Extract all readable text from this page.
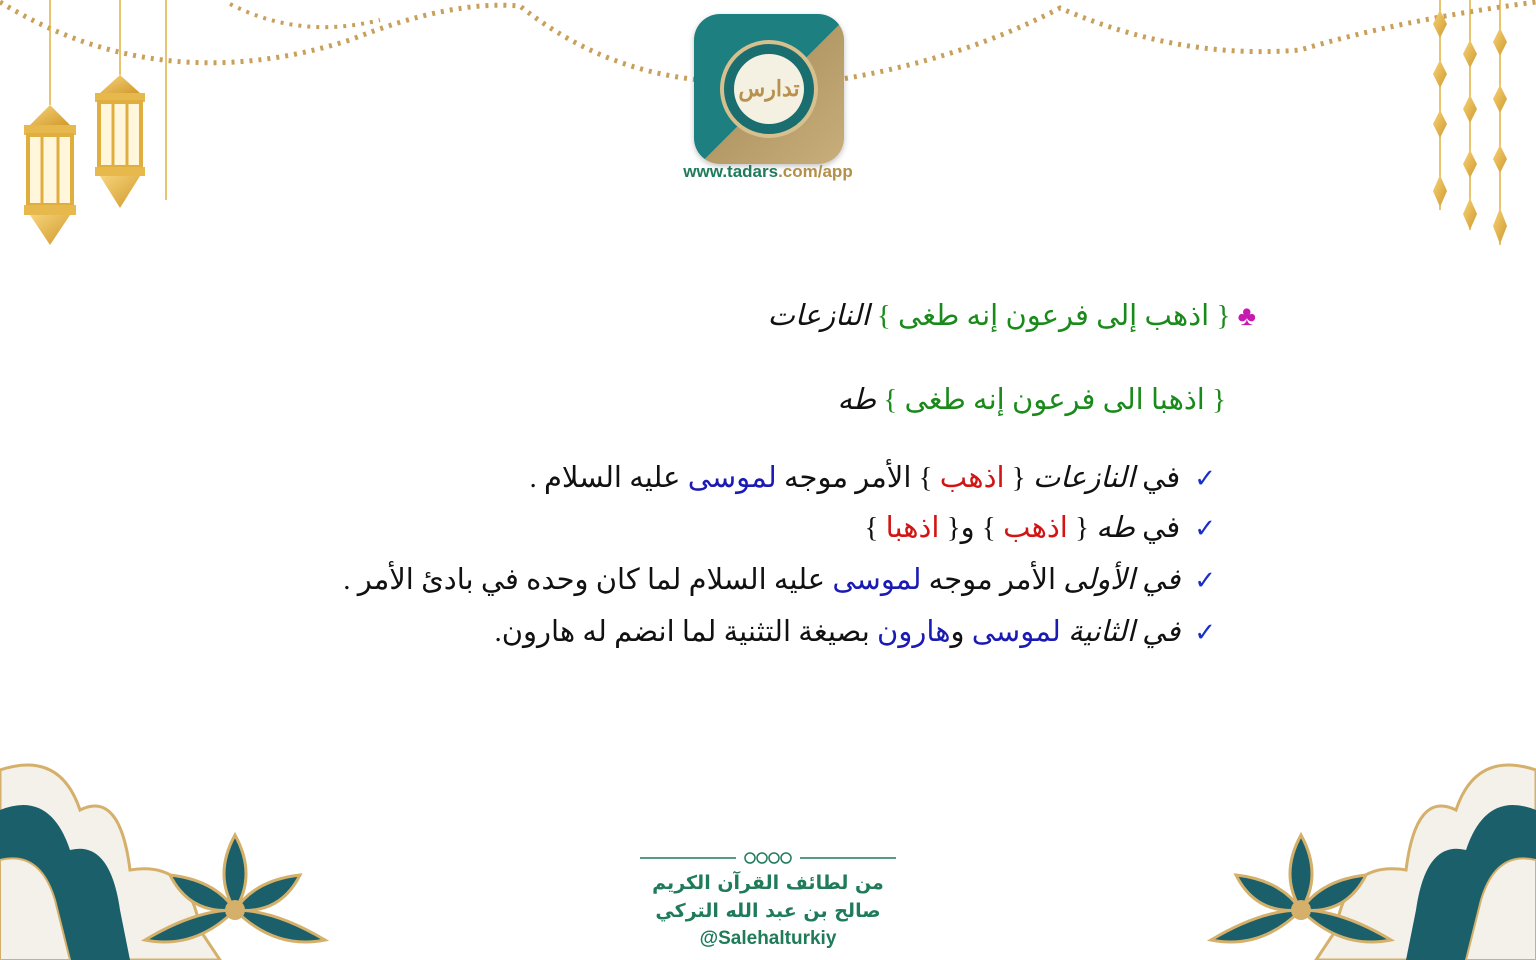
تدارس
www.tadars.com/app
♣ { اذهب إلى فرعون إنه طغى } النازعات
{ اذهبا الى فرعون إنه طغى } طه
✓في النازعات { اذهب } الأمر موجه لموسى عليه السلام .
✓في طه { اذهب } و{ اذهبا }
✓في الأولى الأمر موجه لموسى عليه السلام لما كان وحده في بادئ الأمر .
✓في الثانية لموسى وهارون بصيغة التثنية لما انضم له هارون.
من لطائف القرآن الكريم
صالح بن عبد الله التركي
@Salehalturkiy
